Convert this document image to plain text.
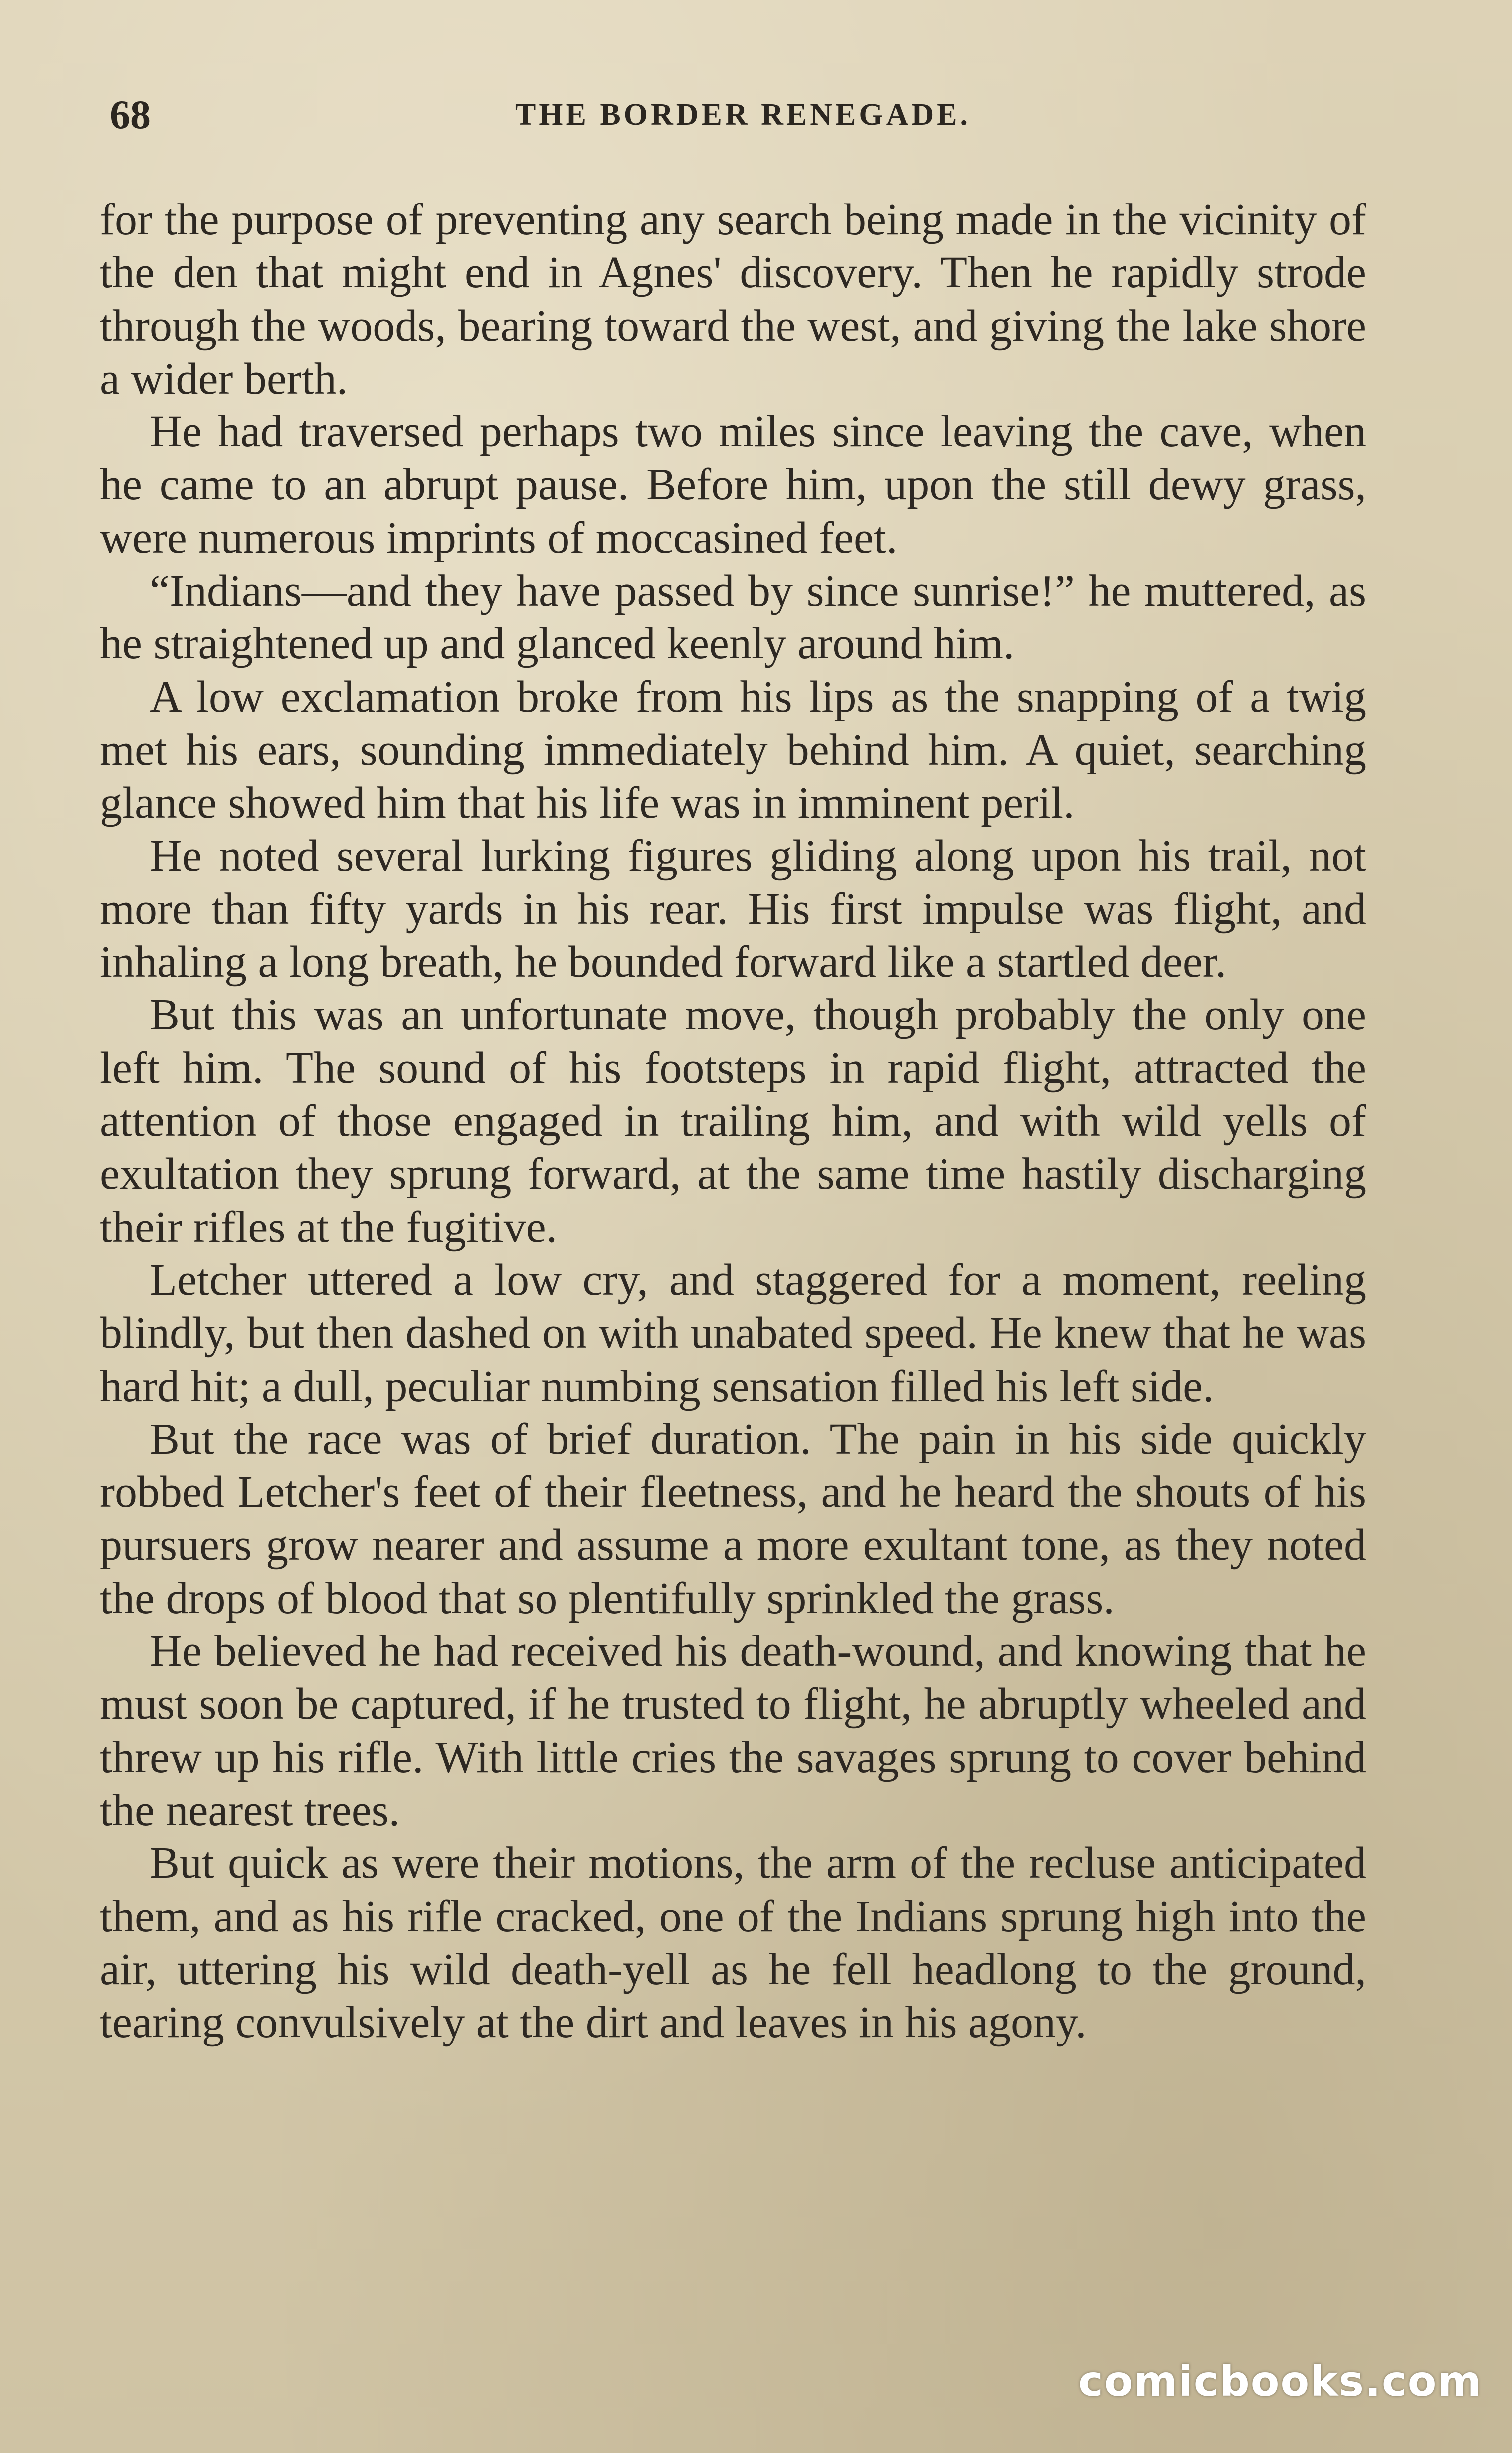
68	THE BORDER RENEGADE.

for the purpose of preventing any search being made in the vicinity of the den that might end in Agnes' discovery. Then he rapidly strode through the woods, bearing toward the west, and giving the lake shore a wider berth.

He had traversed perhaps two miles since leaving the cave, when he came to an abrupt pause. Before him, upon the still dewy grass, were numerous imprints of moccasined feet.

“Indians—and they have passed by since sunrise!” he muttered, as he straightened up and glanced keenly around him.

A low exclamation broke from his lips as the snapping of a twig met his ears, sounding immediately behind him. A quiet, searching glance showed him that his life was in imminent peril.

He noted several lurking figures gliding along upon his trail, not more than fifty yards in his rear. His first impulse was flight, and inhaling a long breath, he bounded forward like a startled deer.

But this was an unfortunate move, though probably the only one left him. The sound of his footsteps in rapid flight, attracted the attention of those engaged in trailing him, and with wild yells of exultation they sprung forward, at the same time hastily discharging their rifles at the fugitive.

Letcher uttered a low cry, and staggered for a moment, reeling blindly, but then dashed on with unabated speed. He knew that he was hard hit; a dull, peculiar numbing sensation filled his left side.

But the race was of brief duration. The pain in his side quickly robbed Letcher's feet of their fleetness, and he heard the shouts of his pursuers grow nearer and assume a more exultant tone, as they noted the drops of blood that so plentifully sprinkled the grass.

He believed he had received his death-wound, and knowing that he must soon be captured, if he trusted to flight, he abruptly wheeled and threw up his rifle. With little cries the savages sprung to cover behind the nearest trees.

But quick as were their motions, the arm of the recluse anticipated them, and as his rifle cracked, one of the Indians sprung high into the air, uttering his wild death-yell as he fell headlong to the ground, tearing convulsively at the dirt and leaves in his agony.

comicbooks.com
